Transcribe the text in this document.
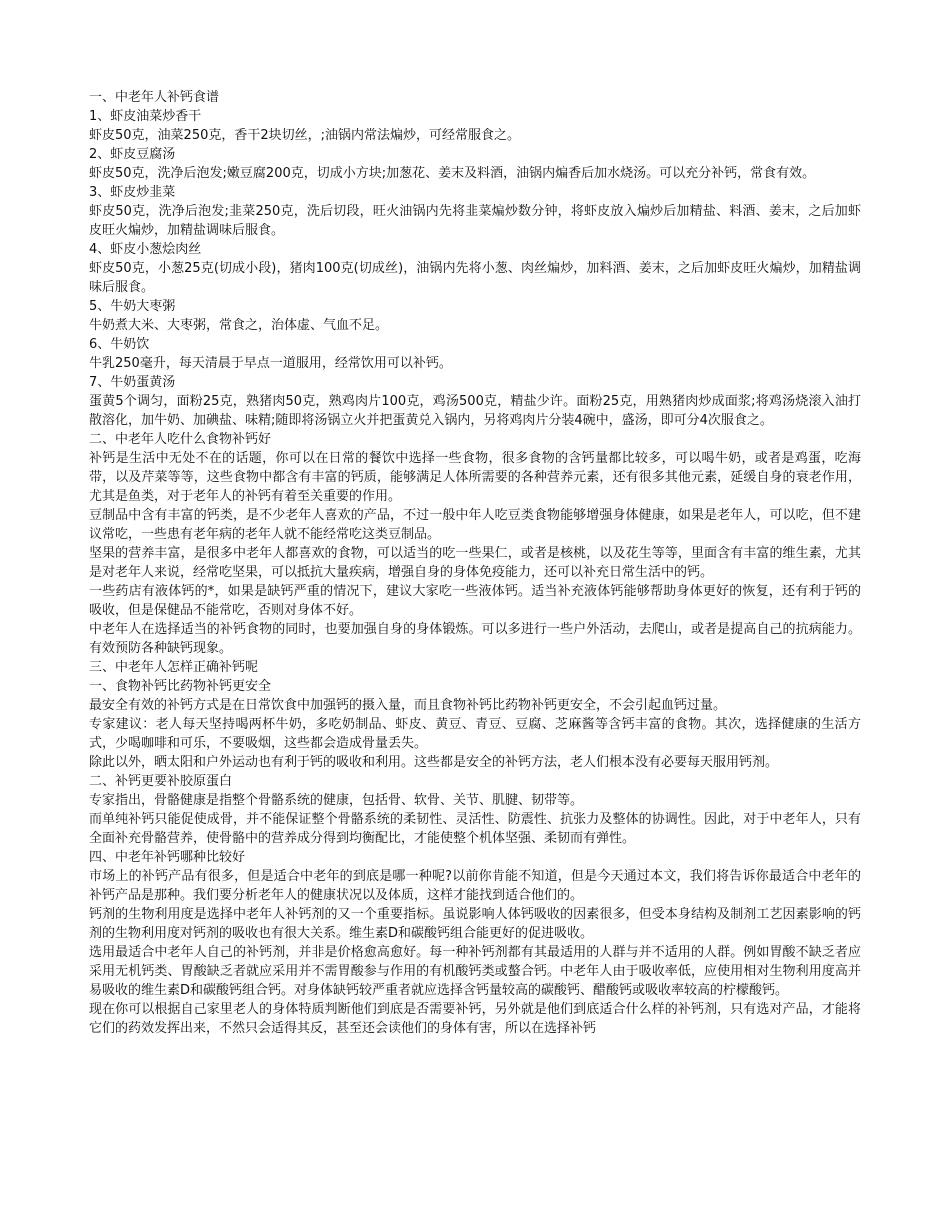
一、中老年人补钙食谱

1、虾皮油菜炒香干

虾皮50克，油菜250克，香干2块切丝，;油锅内常法煸炒，可经常服食之。

2、虾皮豆腐汤

虾皮50克，洗净后泡发;嫩豆腐200克，切成小方块;加葱花、姜末及料酒，油锅内煸香后加水烧汤。可以充分补钙，常食有效。

3、虾皮炒韭菜

虾皮50克，洗净后泡发;韭菜250克，洗后切段，旺火油锅内先将韭菜煸炒数分钟，将虾皮放入煸炒后加精盐、料酒、姜末，之后加虾皮旺火煸炒，加精盐调味后服食。

4、虾皮小葱烩肉丝

虾皮50克，小葱25克(切成小段)，猪肉100克(切成丝)，油锅内先将小葱、肉丝煸炒，加料酒、姜末，之后加虾皮旺火煸炒，加精盐调味后服食。

5、牛奶大枣粥

牛奶煮大米、大枣粥，常食之，治体虚、气血不足。

6、牛奶饮

牛乳250毫升，每天清晨于早点一道服用，经常饮用可以补钙。

7、牛奶蛋黄汤

蛋黄5个调匀，面粉25克，熟猪肉50克，熟鸡肉片100克，鸡汤500克，精盐少许。面粉25克，用熟猪肉炒成面浆;将鸡汤烧滚入油打散溶化，加牛奶、加碘盐、味精;随即将汤锅立火并把蛋黄兑入锅内，另将鸡肉片分装4碗中，盛汤，即可分4次服食之。

二、中老年人吃什么食物补钙好

补钙是生活中无处不在的话题，你可以在日常的餐饮中选择一些食物，很多食物的含钙量都比较多，可以喝牛奶，或者是鸡蛋，吃海带，以及芹菜等等，这些食物中都含有丰富的钙质，能够满足人体所需要的各种营养元素，还有很多其他元素，延缓自身的衰老作用，尤其是鱼类，对于老年人的补钙有着至关重要的作用。

豆制品中含有丰富的钙类，是不少老年人喜欢的产品，不过一般中年人吃豆类食物能够增强身体健康，如果是老年人，可以吃，但不建议常吃，一些患有老年病的老年人就不能经常吃这类豆制品。

坚果的营养丰富，是很多中老年人都喜欢的食物，可以适当的吃一些果仁，或者是核桃，以及花生等等，里面含有丰富的维生素，尤其是对老年人来说，经常吃坚果，可以抵抗大量疾病，增强自身的身体免疫能力，还可以补充日常生活中的钙。

一些药店有液体钙的*，如果是缺钙严重的情况下，建议大家吃一些液体钙。适当补充液体钙能够帮助身体更好的恢复，还有利于钙的吸收，但是保健品不能常吃，否则对身体不好。

中老年人在选择适当的补钙食物的同时，也要加强自身的身体锻炼。可以多进行一些户外活动，去爬山，或者是提高自己的抗病能力。有效预防各种缺钙现象。

三、中老年人怎样正确补钙呢

一、食物补钙比药物补钙更安全

最安全有效的补钙方式是在日常饮食中加强钙的摄入量，而且食物补钙比药物补钙更安全，不会引起血钙过量。

专家建议：老人每天坚持喝两杯牛奶，多吃奶制品、虾皮、黄豆、青豆、豆腐、芝麻酱等含钙丰富的食物。其次，选择健康的生活方式，少喝咖啡和可乐，不要吸烟，这些都会造成骨量丢失。

除此以外，晒太阳和户外运动也有利于钙的吸收和利用。这些都是安全的补钙方法，老人们根本没有必要每天服用钙剂。

二、补钙更要补胶原蛋白

专家指出，骨骼健康是指整个骨骼系统的健康，包括骨、软骨、关节、肌腱、韧带等。

而单纯补钙只能促使成骨，并不能保证整个骨骼系统的柔韧性、灵活性、防震性、抗张力及整体的协调性。因此，对于中老年人，只有全面补充骨骼营养，使骨骼中的营养成分得到均衡配比，才能使整个机体坚强、柔韧而有弹性。

四、中老年补钙哪种比较好

市场上的补钙产品有很多，但是适合中老年的到底是哪一种呢?以前你肯能不知道，但是今天通过本文，我们将告诉你最适合中老年的补钙产品是那种。我们要分析老年人的健康状况以及体质，这样才能找到适合他们的。

钙剂的生物利用度是选择中老年人补钙剂的又一个重要指标。虽说影响人体钙吸收的因素很多，但受本身结构及制剂工艺因素影响的钙剂的生物利用度对钙剂的吸收也有很大关系。维生素D和碳酸钙组合能更好的促进吸收。

选用最适合中老年人自己的补钙剂，并非是价格愈高愈好。每一种补钙剂都有其最适用的人群与并不适用的人群。例如胃酸不缺乏者应采用无机钙类、胃酸缺乏者就应采用并不需胃酸参与作用的有机酸钙类或螯合钙。中老年人由于吸收率低，应使用相对生物利用度高并易吸收的维生素D和碳酸钙组合钙。对身体缺钙较严重者就应选择含钙量较高的碳酸钙、醋酸钙或吸收率较高的柠檬酸钙。

现在你可以根据自己家里老人的身体特质判断他们到底是否需要补钙，另外就是他们到底适合什么样的补钙剂，只有选对产品，才能将它们的药效发挥出来，不然只会适得其反，甚至还会读他们的身体有害，所以在选择补钙
